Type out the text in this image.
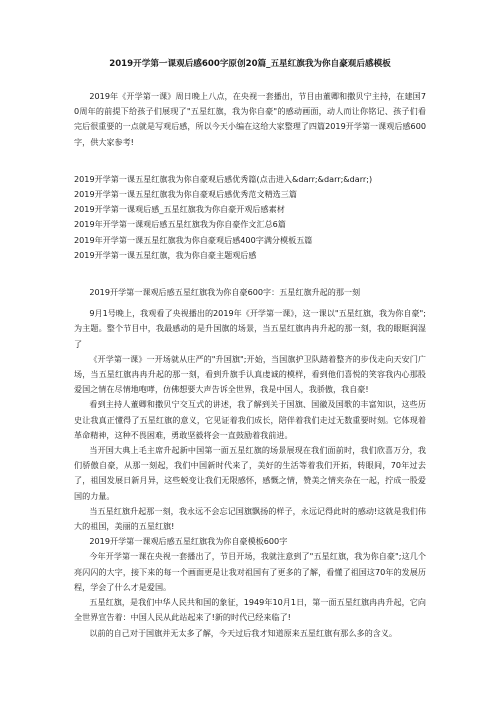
2019开学第一课观后感600字原创20篇_五星红旗我为你自豪观后感模板

2019年《开学第一课》周日晚上八点，在央视一套播出，节目由董卿和撒贝宁主持，在建国70周年的前提下给孩子们展现了"五星红旗，我为你自豪"的感动画面，动人而让你铭记、孩子们看完后很重要的一点就是写观后感，所以今天小编在这给大家整理了四篇2019开学第一课观后感600字，供大家参考!

2019开学第一课五星红旗我为你自豪观后感优秀篇(点击进入&darr;&darr;&darr;)
2019开学第一课五星红旗我为你自豪观后感优秀范文精选三篇
2019开学第一课观后感_五星红旗我为你自豪开观后感素材
2019年开学第一课观后感五星红旗我为你自豪作文汇总6篇
2019年开学第一课五星红旗我为你自豪观后感400字满分模板五篇
2019开学第一课五星红旗，我为你自豪主题观后感

2019开学第一课观后感五星红旗我为你自豪600字：五星红旗升起的那一刻

9月1号晚上，我观看了央视播出的2019年《开学第一课》，这一课以"五星红旗，我为你自豪";为主题。整个节目中，我最感动的是升国旗的场景，当五星红旗冉冉升起的那一刻，我的眼眶润湿了

《开学第一课》一开场就从庄严的"升国旗";开始，当国旗护卫队踏着整齐的步伐走向天安门广场，当五星红旗冉冉升起的那一刻，看到升旗手认真虔诚的模样，看到他们喜悦的笑容我内心那股爱国之情在尽情地咆哮，仿佛想要大声告诉全世界，我是中国人，我骄傲，我自豪!

看到主持人董卿和撒贝宁交互式的讲述，我了解到关于国旗、国徽及国歌的丰富知识，这些历史让我真正懂得了五星红旗的意义，它见证着我们成长，陪伴着我们走过无数重要时刻。它体现着革命精神，这种不畏困难，勇敢坚毅将会一直鼓励着我前进。

当开国大典上毛主席升起新中国第一面五星红旗的场景展现在我们面前时，我们欣喜万分，我们骄傲自豪，从那一刻起，我们中国新时代来了，美好的生活等着我们开拓，转眼间，70年过去了，祖国发展日新月异，这些蜕变让我们无限感怀，感慨之情，赞美之情夹杂在一起，拧成一股爱国的力量。

当五星红旗升起那一刻，我永远不会忘记国旗飘扬的样子，永远记得此时的感动!这就是我们伟大的祖国，美丽的五星红旗!

2019开学第一课观后感五星红旗我为你自豪模板600字

今年开学第一课在央视一套播出了，节目开场，我就注意到了"五星红旗，我为你自豪";这几个亮闪闪的大字，接下来的每一个画面更是让我对祖国有了更多的了解，看懂了祖国这70年的发展历程，学会了什么才是爱国。

五星红旗，是我们中华人民共和国的象征，1949年10月1日，第一面五星红旗冉冉升起，它向全世界宣告着：中国人民从此站起来了!新的时代已经来临了!

以前的自己对于国旗并无太多了解，今天过后我才知道原来五星红旗有那么多的含义。
